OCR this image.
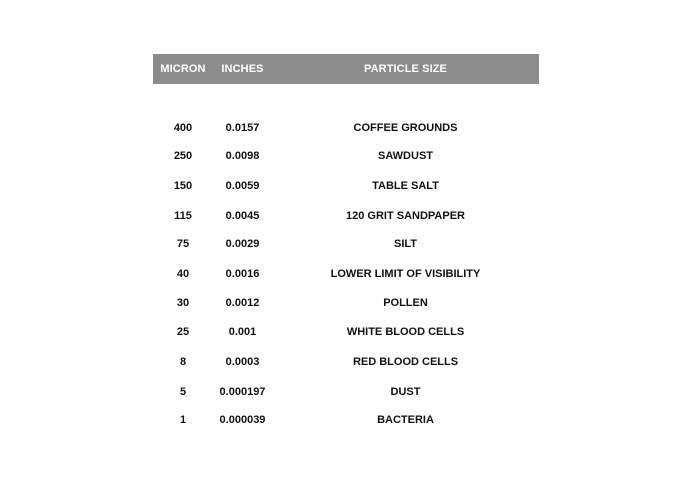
MICRON	INCHES	PARTICLE SIZE
400	0.0157	COFFEE GROUNDS
250	0.0098	SAWDUST
150	0.0059	TABLE SALT
115	0.0045	120 GRIT SANDPAPER
75	0.0029	SILT
40	0.0016	LOWER LIMIT OF VISIBILITY
30	0.0012	POLLEN
25	0.001	WHITE BLOOD CELLS
8	0.0003	RED BLOOD CELLS
5	0.000197	DUST
1	0.000039	BACTERIA
